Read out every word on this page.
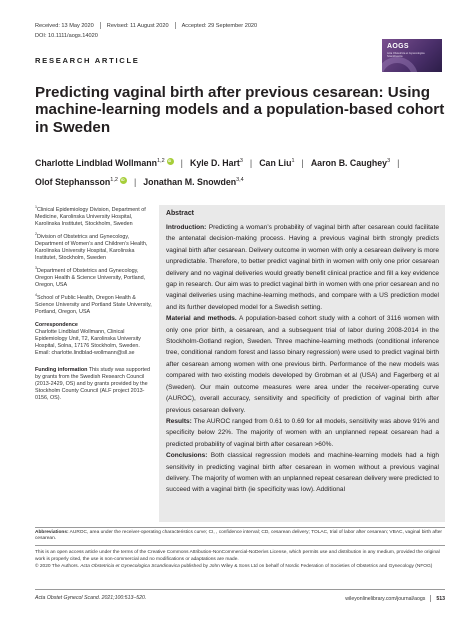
Received: 13 May 2020 Revised: 11 August 2020 Accepted: 29 September 2020
DOI: 10.1111/aogs.14020
RESEARCH ARTICLE
AOGS
Acta Obstetricia et Gynecologica Scandinavica
Predicting vaginal birth after previous cesarean: Using machine-learning models and a population-based cohort in Sweden
Charlotte Lindblad Wollmann$^{1,2}$ iD | Kyle D. Hart$^3$ | Can Liu$^1$ | Aaron B. Caughey$^3$ |
Olof Stephansson$^{1,2}$ iD | Jonathan M. Snowden$^{3,4}$
$^1$Clinical Epidemiology Division, Department of Medicine, Karolinska University Hospital, Karolinska Institutet, Stockholm, Sweden
$^2$Division of Obstetrics and Gynecology, Department of Women’s and Children’s Health, Karolinska University Hospital, Karolinska Institutet, Stockholm, Sweden
$^3$Department of Obstetrics and Gynecology, Oregon Health & Science University, Portland, Oregon, USA
$^4$School of Public Health, Oregon Health & Science University and Portland State University, Portland, Oregon, USA
Correspondence
Charlotte Lindblad Wollmann, Clinical Epidemiology Unit, T2, Karolinska University Hospital, Solna, 17176 Stockholm, Sweden. Email: charlotte.lindblad-wollmann@sll.se
Funding information This study was supported by grants from the Swedish Research Council (2013-2429, OS) and by grants provided by the Stockholm County Council (ALF project 2013-0156, OS).
Abstract

Introduction: Predicting a woman’s probability of vaginal birth after cesarean could facilitate the antenatal decision-making process. Having a previous vaginal birth strongly predicts vaginal birth after cesarean. Delivery outcome in women with only a cesarean delivery is more unpredictable. Therefore, to better predict vaginal birth in women with only one prior cesarean delivery and no vaginal deliveries would greatly benefit clinical practice and fill a key evidence gap in research. Our aim was to predict vaginal birth in women with one prior cesarean and no vaginal deliveries using machine-learning methods, and compare with a US prediction model and its further developed model for a Swedish setting.

Material and methods. A population-based cohort study with a cohort of 3116 women with only one prior birth, a cesarean, and a subsequent trial of labor during 2008-2014 in the Stockholm-Gotland region, Sweden. Three machine-learning methods (conditional inference tree, conditional random forest and lasso binary regression) were used to predict vaginal birth after cesarean among women with one previous birth. Performance of the new models was compared with two existing models developed by Grobman et al (USA) and Fagerberg et al (Sweden). Our main outcome measures were area under the receiver-operating curve (AUROC), overall accuracy, sensitivity and specificity of prediction of vaginal birth after previous cesarean delivery.

Results: The AUROC ranged from 0.61 to 0.69 for all models, sensitivity was above 91% and specificity below 22%. The majority of women with an unplanned repeat cesarean had a predicted probability of vaginal birth after cesarean >60%.

Conclusions: Both classical regression models and machine-learning models had a high sensitivity in predicting vaginal birth after cesarean in women without a previous vaginal delivery. The majority of women with an unplanned repeat cesarean delivery were predicted to succeed with a vaginal birth (ie specificity was low). Additional

Abbreviations: AUROC, area under the receiver-operating characteristics curve; CI, , confidence interval; CD, cesarean delivery; TOLAC, trial of labor after cesarean; VBAC, vaginal birth after cesarean.
This is an open access article under the terms of the Creative Commons Attribution-NonCommercial-NoDerivs License, which permits use and distribution in any medium, provided the original work is properly cited, the use is non-commercial and no modifications or adaptations are made.
© 2020 The Authors. Acta Obstetricia et Gynecologica Scandinavica published by John Wiley & Sons Ltd on behalf of Nordic Federation of Societies of Obstetrics and Gynecology (NFOG)
Acta Obstet Gynecol Scand. 2021;100:513–520.	wileyonlinelibrary.com/journal/aogs 513
